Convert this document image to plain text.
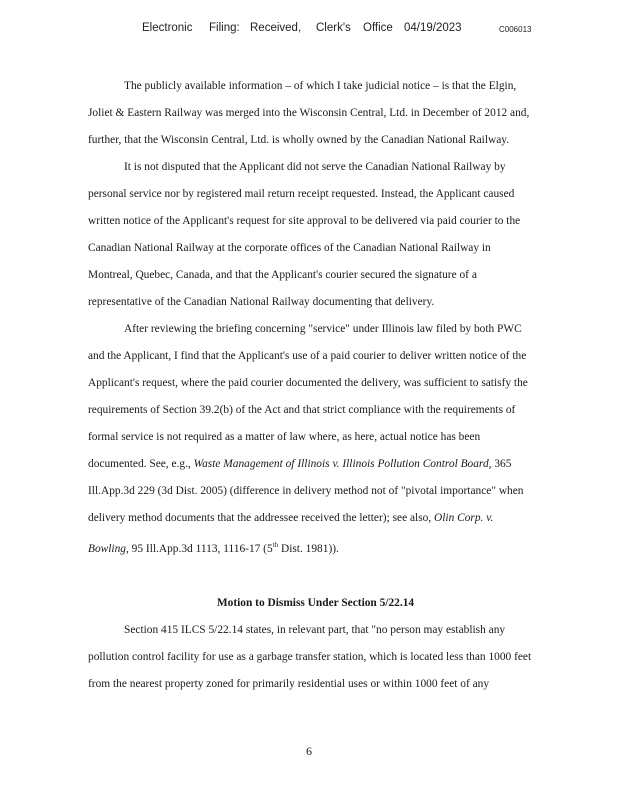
Electronic Filing: Received, Clerk's Office 04/19/2023	C006013
The publicly available information – of which I take judicial notice – is that the Elgin,
Joliet & Eastern Railway was merged into the Wisconsin Central, Ltd. in December of 2012 and,
further, that the Wisconsin Central, Ltd. is wholly owned by the Canadian National Railway.
It is not disputed that the Applicant did not serve the Canadian National Railway by
personal service nor by registered mail return receipt requested. Instead, the Applicant caused
written notice of the Applicant's request for site approval to be delivered via paid courier to the
Canadian National Railway at the corporate offices of the Canadian National Railway in
Montreal, Quebec, Canada, and that the Applicant's courier secured the signature of a
representative of the Canadian National Railway documenting that delivery.
After reviewing the briefing concerning "service" under Illinois law filed by both PWC
and the Applicant, I find that the Applicant's use of a paid courier to deliver written notice of the
Applicant's request, where the paid courier documented the delivery, was sufficient to satisfy the
requirements of Section 39.2(b) of the Act and that strict compliance with the requirements of
formal service is not required as a matter of law where, as here, actual notice has been
documented. See, e.g., Waste Management of Illinois v. Illinois Pollution Control Board, 365
Ill.App.3d 229 (3d Dist. 2005) (difference in delivery method not of "pivotal importance" when
delivery method documents that the addressee received the letter); see also, Olin Corp. v.
Bowling, 95 Ill.App.3d 1113, 1116-17 (5th Dist. 1981)).
Motion to Dismiss Under Section 5/22.14
Section 415 ILCS 5/22.14 states, in relevant part, that "no person may establish any
pollution control facility for use as a garbage transfer station, which is located less than 1000 feet
from the nearest property zoned for primarily residential uses or within 1000 feet of any
6
